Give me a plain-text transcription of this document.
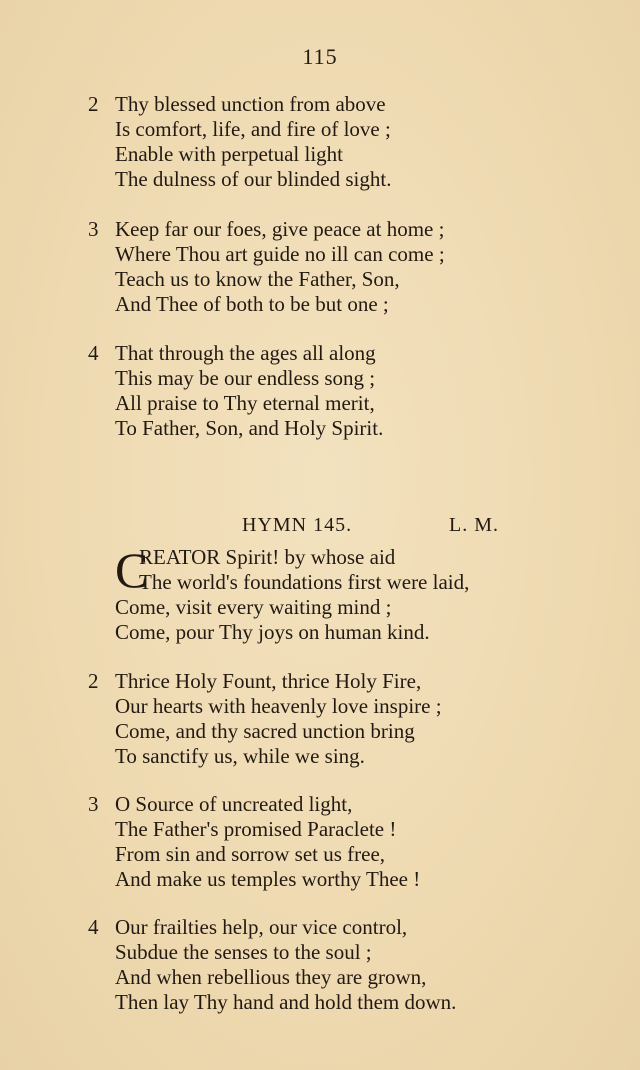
115
2 Thy blessed unction from above
Is comfort, life, and fire of love ;
Enable with perpetual light
The dulness of our blinded sight.
3 Keep far our foes, give peace at home ;
Where Thou art guide no ill can come ;
Teach us to know the Father, Son,
And Thee of both to be but one ;
4 That through the ages all along
This may be our endless song ;
All praise to Thy eternal merit,
To Father, Son, and Holy Spirit.
HYMN 145.	L. M.
C
REATOR Spirit! by whose aid
The world's foundations first were laid,
Come, visit every waiting mind ;
Come, pour Thy joys on human kind.
2 Thrice Holy Fount, thrice Holy Fire,
Our hearts with heavenly love inspire ;
Come, and thy sacred unction bring
To sanctify us, while we sing.
3 O Source of uncreated light,
The Father's promised Paraclete !
From sin and sorrow set us free,
And make us temples worthy Thee !
4 Our frailties help, our vice control,
Subdue the senses to the soul ;
And when rebellious they are grown,
Then lay Thy hand and hold them down.
